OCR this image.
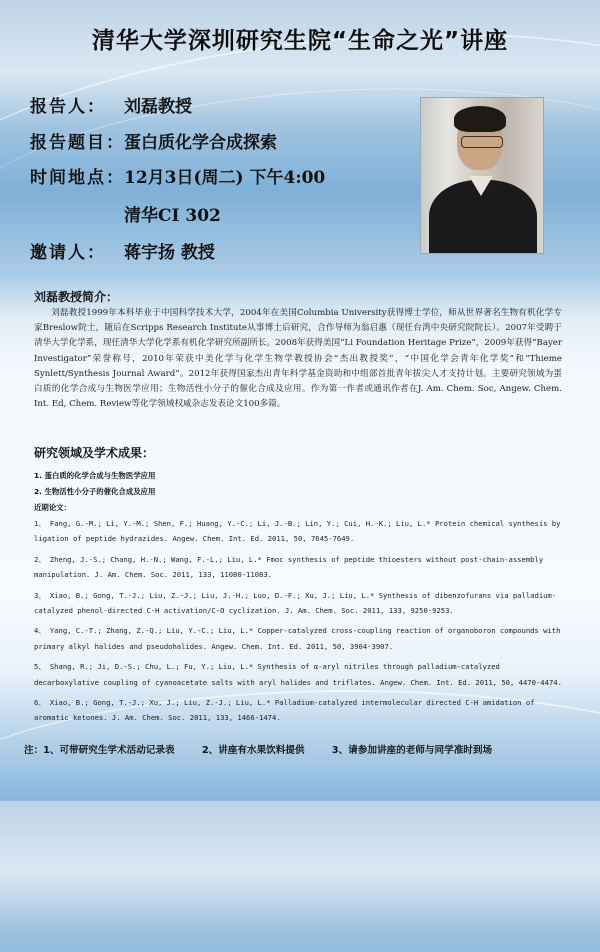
清华大学深圳研究生院“生命之光”讲座
报告人： 刘磊教授
报告题目：蛋白质化学合成探索
时间地点：12月3日(周二) 下午4:00
清华CI 302
邀请人： 蒋宇扬 教授
刘磊教授简介：
刘磊教授1999年本科毕业于中国科学技术大学，2004年在美国Columbia University获得博士学位，师从世界著名生物有机化学专家Breslow院士，随后在Scripps Research Institute从事博士后研究，合作导师为翁启惠（现任台湾中央研究院院长）。2007年受聘于清华大学化学系，现任清华大学化学系有机化学研究所副所长。2008年获得美国“Li Foundation Heritage Prize”，2009年获得“Bayer Investigator”荣誉称号，2010年荣获中美化学与化学生物学教授协会“杰出教授奖”，“中国化学会青年化学奖”和“Thieme Synlett/Synthesis Journal Award”。2012年获得国家杰出青年科学基金资助和中组部首批青年拔尖人才支持计划。主要研究领域为蛋白质的化学合成与生物医学应用；生物活性小分子的催化合成及应用。作为第一作者或通讯作者在J. Am. Chem. Soc, Angew. Chem. Int. Ed, Chem. Review等化学领域权威杂志发表论文100多篇。
研究领域及学术成果：
1. 蛋白质的化学合成与生物医学应用
2. 生物活性小分子的催化合成及应用
近期论文：
1、 Fang, G.-M.; Li, Y.-M.; Shen, F.; Huang, Y.-C.; Li, J.-B.; Lin, Y.; Cui, H.-K.; Liu, L.* Protein chemical synthesis by ligation of peptide hydrazides. Angew. Chem. Int. Ed. 2011, 50, 7645-7649.
2、 Zheng, J.-S.; Chang, H.-N.; Wang, F.-L.; Liu, L.* Fmoc synthesis of peptide thioesters without post-chain-assembly manipulation. J. Am. Chem. Soc. 2011, 133, 11080-11083.
3、 Xiao, B.; Gong, T.-J.; Liu, Z.-J.; Liu, J.-H.; Luo, D.-F.; Xu, J.; Liu, L.* Synthesis of dibenzofurans via palladium-catalyzed phenol-directed C-H activation/C-O cyclization. J. Am. Chem. Soc. 2011, 133, 9250-9253.
4、 Yang, C.-T.; Zhang, Z.-Q.; Liu, Y.-C.; Liu, L.* Copper-catalyzed cross-coupling reaction of organoboron compounds with primary alkyl halides and pseudohalides. Angew. Chem. Int. Ed. 2011, 50, 3904-3907.
5、 Shang, R.; Ji, D.-S.; Chu, L.; Fu, Y.; Liu, L.* Synthesis of α-aryl nitriles through palladium-catalyzed decarboxylative coupling of cyanoacetate salts with aryl halides and triflates. Angew. Chem. Int. Ed. 2011, 50, 4470-4474.
6、 Xiao, B.; Gong, T.-J.; Xu, J.; Liu, Z.-J.; Liu, L.* Palladium-catalyzed intermolecular directed C-H amidation of aromatic ketones. J. Am. Chem. Soc. 2011, 133, 1466-1474.
注：1、可带研究生学术活动记录表	2、讲座有水果饮料提供	3、请参加讲座的老师与同学准时到场
